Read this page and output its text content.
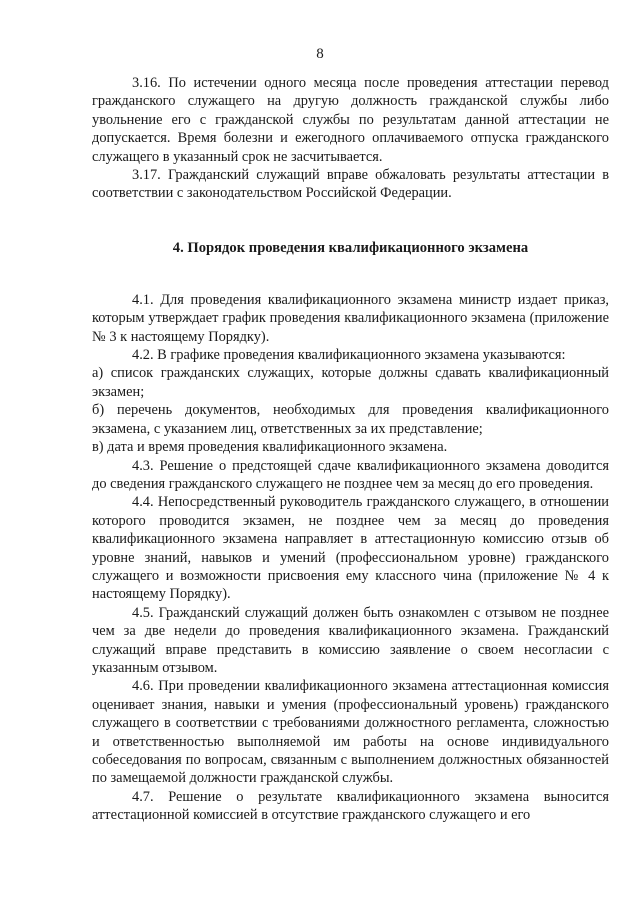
8

3.16. По истечении одного месяца после проведения аттестации перевод гражданского служащего на другую должность гражданской службы либо увольнение его с гражданской службы по результатам данной аттестации не допускается. Время болезни и ежегодного оплачиваемого отпуска гражданского служащего в указанный срок не засчитывается.

3.17. Гражданский служащий вправе обжаловать результаты аттестации в соответствии с законодательством Российской Федерации.

4. Порядок проведения квалификационного экзамена

4.1. Для проведения квалификационного экзамена министр издает приказ, которым утверждает график проведения квалификационного экзамена (приложение № 3 к настоящему Порядку).

4.2. В графике проведения квалификационного экзамена указываются:

а) список гражданских служащих, которые должны сдавать квалификационный экзамен;

б) перечень документов, необходимых для проведения квалификационного экзамена, с указанием лиц, ответственных за их представление;

в) дата и время проведения квалификационного экзамена.

4.3. Решение о предстоящей сдаче квалификационного экзамена доводится до сведения гражданского служащего не позднее чем за месяц до его проведения.

4.4. Непосредственный руководитель гражданского служащего, в отношении которого проводится экзамен, не позднее чем за месяц до проведения квалификационного экзамена направляет в аттестационную комиссию отзыв об уровне знаний, навыков и умений (профессиональном уровне) гражданского служащего и возможности присвоения ему классного чина (приложение № 4 к настоящему Порядку).

4.5. Гражданский служащий должен быть ознакомлен с отзывом не позднее чем за две недели до проведения квалификационного экзамена. Гражданский служащий вправе представить в комиссию заявление о своем несогласии с указанным отзывом.

4.6. При проведении квалификационного экзамена аттестационная комиссия оценивает знания, навыки и умения (профессиональный уровень) гражданского служащего в соответствии с требованиями должностного регламента, сложностью и ответственностью выполняемой им работы на основе индивидуального собеседования по вопросам, связанным с выполнением должностных обязанностей по замещаемой должности гражданской службы.

4.7. Решение о результате квалификационного экзамена выносится аттестационной комиссией в отсутствие гражданского служащего и его
